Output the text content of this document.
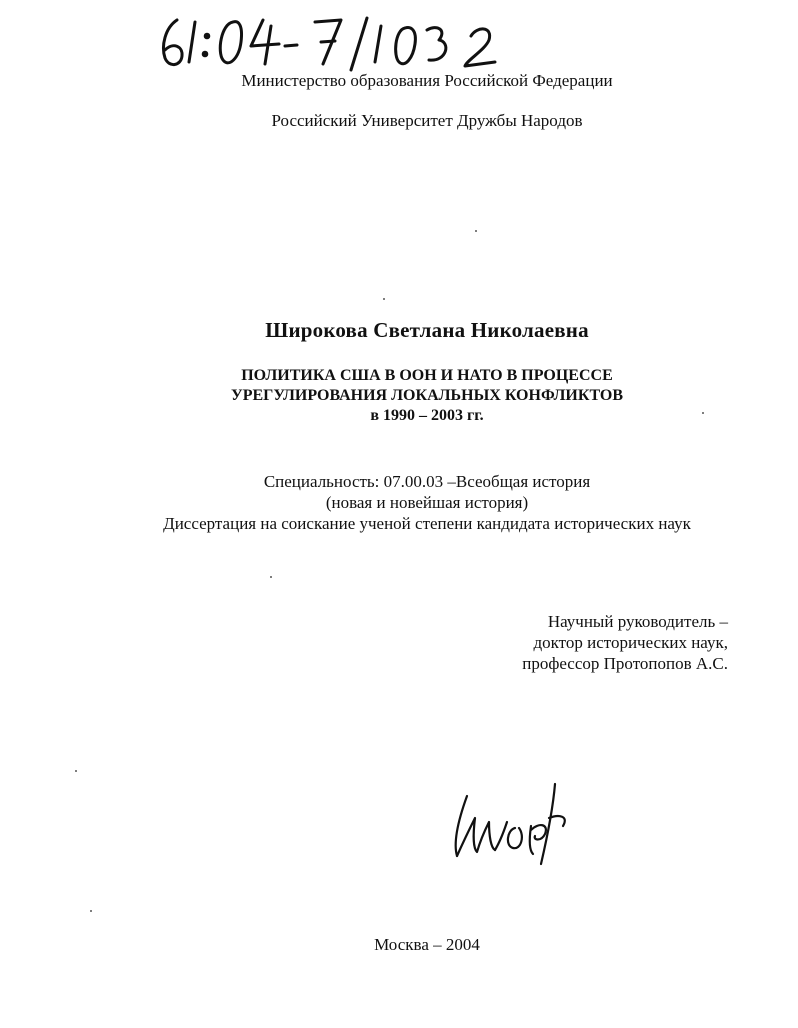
Министерство образования Российской Федерации
Российский Университет Дружбы Народов
Широкова Светлана Николаевна
ПОЛИТИКА США В ООН И НАТО В ПРОЦЕССЕ
УРЕГУЛИРОВАНИЯ ЛОКАЛЬНЫХ КОНФЛИКТОВ
в 1990 – 2003 гг.
Специальность: 07.00.03 –Всеобщая история
(новая и новейшая история)
Диссертация на соискание ученой степени кандидата исторических наук
Научный руководитель –
доктор исторических наук,
профессор Протопопов А.С.
Москва – 2004
